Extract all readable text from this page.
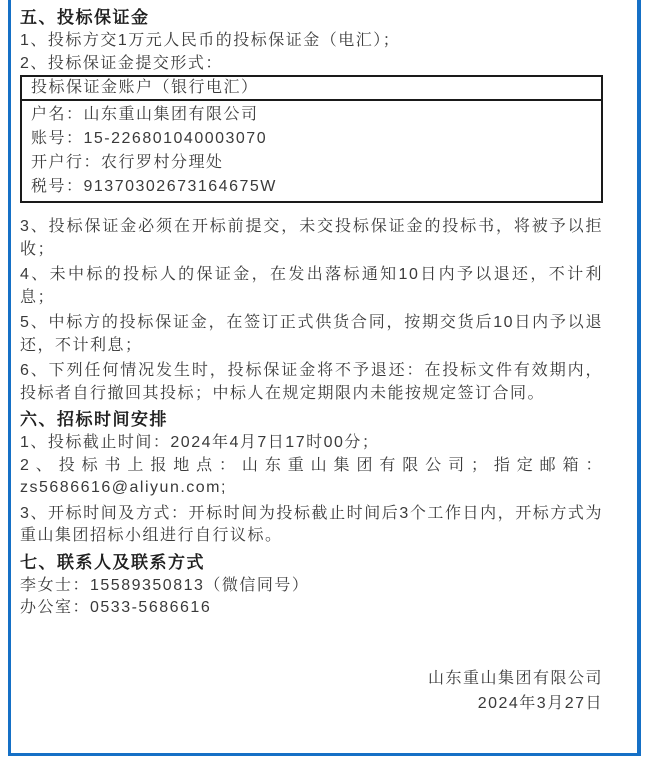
五、投标保证金

1、投标方交1万元人民币的投标保证金（电汇）；

2、投标保证金提交形式：

投标保证金账户（银行电汇）
户名：山东重山集团有限公司
账号：15-226801040003070
开户行：农行罗村分理处
税号：91370302673164675W

3、投标保证金必须在开标前提交，未交投标保证金的投标书，将被予以拒收；

4、未中标的投标人的保证金，在发出落标通知10日内予以退还，不计利息；

5、中标方的投标保证金，在签订正式供货合同，按期交货后10日内予以退还，不计利息；

6、下列任何情况发生时，投标保证金将不予退还：在投标文件有效期内，投标者自行撤回其投标；中标人在规定期限内未能按规定签订合同。

六、招标时间安排

1、投标截止时间：2024年4月7日17时00分；

2、投标书上报地点：山东重山集团有限公司；指定邮箱：zs5686616@aliyun.com;

3、开标时间及方式：开标时间为投标截止时间后3个工作日内，开标方式为重山集团招标小组进行自行议标。

七、联系人及联系方式

李女士：15589350813（微信同号）

办公室：0533-5686616

山东重山集团有限公司

2024年3月27日
